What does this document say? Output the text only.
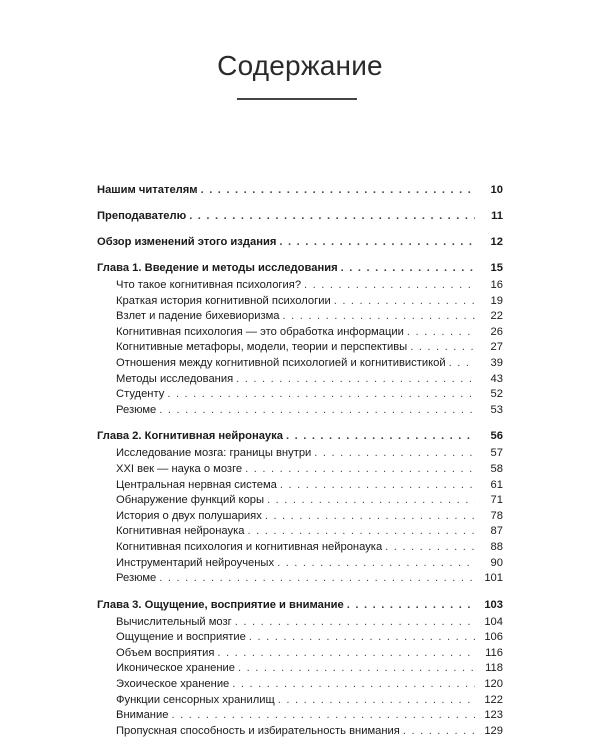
Содержание
Нашим читателям . . .	10
Преподавателю . . .	11
Обзор изменений этого издания . . .	12
Глава 1. Введение и методы исследования . . .	15
Что такое когнитивная психология? . . .	16
Краткая история когнитивной психологии . . .	19
Взлет и падение бихевиоризма . . .	22
Когнитивная психология — это обработка информации . . .	26
Когнитивные метафоры, модели, теории и перспективы . . .	27
Отношения между когнитивной психологией и когнитивистикой . . .	39
Методы исследования . . .	43
Студенту . . .	52
Резюме . . .	53
Глава 2. Когнитивная нейронаука . . .	56
Исследование мозга: границы внутри . . .	57
XXI век — наука о мозге . . .	58
Центральная нервная система . . .	61
Обнаружение функций коры . . .	71
История о двух полушариях . . .	78
Когнитивная нейронаука . . .	87
Когнитивная психология и когнитивная нейронаука . . .	88
Инструментарий нейроученых . . .	90
Резюме . . .	101
Глава 3. Ощущение, восприятие и внимание . . .	103
Вычислительный мозг . . .	104
Ощущение и восприятие . . .	106
Объем восприятия . . .	116
Иконическое хранение . . .	118
Эхоическое хранение . . .	120
Функции сенсорных хранилищ . . .	122
Внимание . . .	123
Пропускная способность и избирательность внимания . . .	129
